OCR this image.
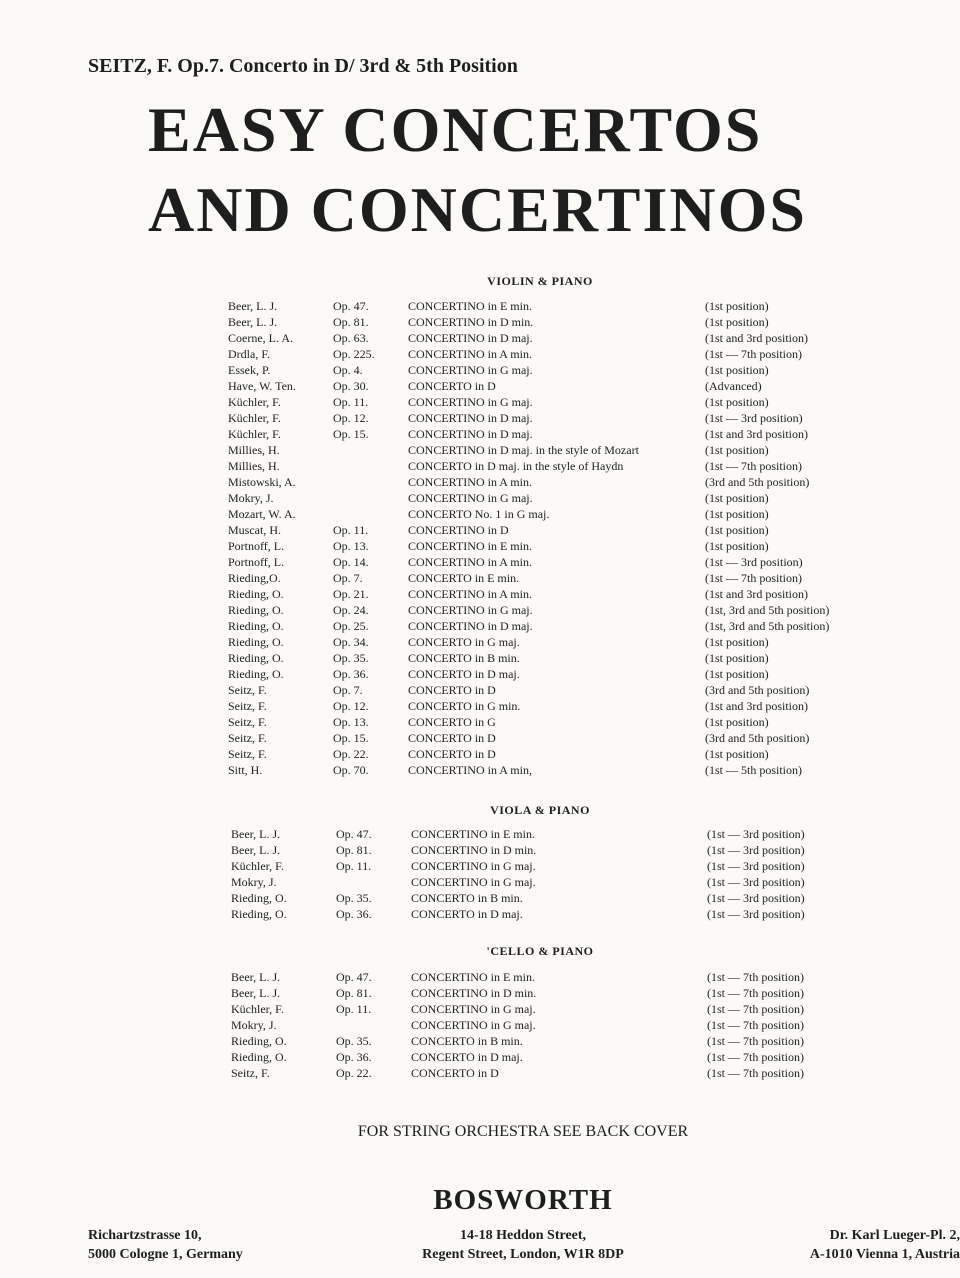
SEITZ, F. Op.7. Concerto in D/ 3rd & 5th Position
EASY CONCERTOS
AND CONCERTINOS
VIOLIN & PIANO
Beer, L. J.	Op. 47.	CONCERTINO in E min.	(1st position)
Beer, L. J.	Op. 81.	CONCERTINO in D min.	(1st position)
Coerne, L. A.	Op. 63.	CONCERTINO in D maj.	(1st and 3rd position)
Drdla, F.	Op. 225.	CONCERTINO in A min.	(1st — 7th position)
Essek, P.	Op. 4.	CONCERTINO in G maj.	(1st position)
Have, W. Ten.	Op. 30.	CONCERTO in D	(Advanced)
Küchler, F.	Op. 11.	CONCERTINO in G maj.	(1st position)
Küchler, F.	Op. 12.	CONCERTINO in D maj.	(1st — 3rd position)
Küchler, F.	Op. 15.	CONCERTINO in D maj.	(1st and 3rd position)
Millies, H.	CONCERTINO in D maj. in the style of Mozart	(1st position)
Millies, H.	CONCERTO in D maj. in the style of Haydn	(1st — 7th position)
Mistowski, A.	CONCERTINO in A min.	(3rd and 5th position)
Mokry, J.	CONCERTINO in G maj.	(1st position)
Mozart, W. A.	CONCERTO No. 1 in G maj.	(1st position)
Muscat, H.	Op. 11.	CONCERTINO in D	(1st position)
Portnoff, L.	Op. 13.	CONCERTINO in E min.	(1st position)
Portnoff, L.	Op. 14.	CONCERTINO in A min.	(1st — 3rd position)
Rieding,O.	Op. 7.	CONCERTO in E min.	(1st — 7th position)
Rieding, O.	Op. 21.	CONCERTINO in A min.	(1st and 3rd position)
Rieding, O.	Op. 24.	CONCERTINO in G maj.	(1st, 3rd and 5th position)
Rieding, O.	Op. 25.	CONCERTINO in D maj.	(1st, 3rd and 5th position)
Rieding, O.	Op. 34.	CONCERTO in G maj.	(1st position)
Rieding, O.	Op. 35.	CONCERTO in B min.	(1st position)
Rieding, O.	Op. 36.	CONCERTO in D maj.	(1st position)
Seitz, F.	Op. 7.	CONCERTO in D	(3rd and 5th position)
Seitz, F.	Op. 12.	CONCERTO in G min.	(1st and 3rd position)
Seitz, F.	Op. 13.	CONCERTO in G	(1st position)
Seitz, F.	Op. 15.	CONCERTO in D	(3rd and 5th position)
Seitz, F.	Op. 22.	CONCERTO in D	(1st position)
Sitt, H.	Op. 70.	CONCERTINO in A min,	(1st — 5th position)
VIOLA & PIANO
Beer, L. J.	Op. 47.	CONCERTINO in E min.	(1st — 3rd position)
Beer, L. J.	Op. 81.	CONCERTINO in D min.	(1st — 3rd position)
Küchler, F.	Op. 11.	CONCERTINO in G maj.	(1st — 3rd position)
Mokry, J.	CONCERTINO in G maj.	(1st — 3rd position)
Rieding, O.	Op. 35.	CONCERTO in B min.	(1st — 3rd position)
Rieding, O.	Op. 36.	CONCERTO in D maj.	(1st — 3rd position)
'CELLO & PIANO
Beer, L. J.	Op. 47.	CONCERTINO in E min.	(1st — 7th position)
Beer, L. J.	Op. 81.	CONCERTINO in D min.	(1st — 7th position)
Küchler, F.	Op. 11.	CONCERTINO in G maj.	(1st — 7th position)
Mokry, J.	CONCERTINO in G maj.	(1st — 7th position)
Rieding, O.	Op. 35.	CONCERTO in B min.	(1st — 7th position)
Rieding, O.	Op. 36.	CONCERTO in D maj.	(1st — 7th position)
Seitz, F.	Op. 22.	CONCERTO in D	(1st — 7th position)
FOR STRING ORCHESTRA SEE BACK COVER
BOSWORTH
Richartzstrasse 10,
5000 Cologne 1, Germany
14-18 Heddon Street,
Regent Street, London, W1R 8DP
Dr. Karl Lueger-Pl. 2,
A-1010 Vienna 1, Austria
